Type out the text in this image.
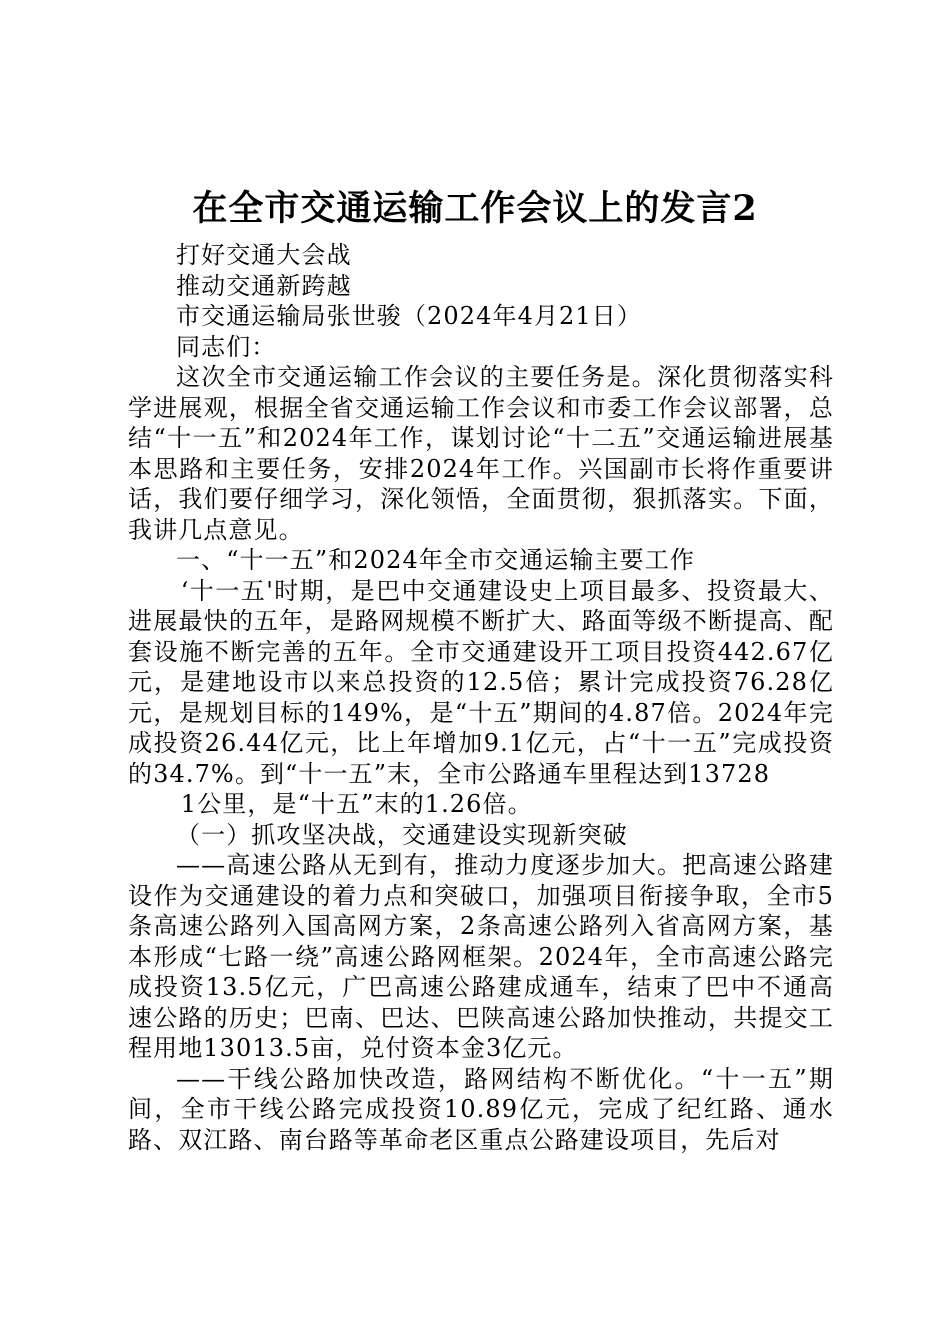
在全市交通运输工作会议上的发言2

打好交通大会战

推动交通新跨越

市交通运输局张世骏（2024年4月21日）

同志们：

这次全市交通运输工作会议的主要任务是。深化贯彻落实科学进展观，根据全省交通运输工作会议和市委工作会议部署，总结“十一五”和2024年工作，谋划讨论“十二五”交通运输进展基本思路和主要任务，安排2024年工作。兴国副市长将作重要讲话，我们要仔细学习，深化领悟，全面贯彻，狠抓落实。下面，我讲几点意见。

一、“十一五”和2024年全市交通运输主要工作

‘十一五'时期，是巴中交通建设史上项目最多、投资最大、进展最快的五年，是路网规模不断扩大、路面等级不断提高、配套设施不断完善的五年。全市交通建设开工项目投资442.67亿元，是建地设市以来总投资的12.5倍；累计完成投资76.28亿元，是规划目标的149%，是“十五”期间的4.87倍。2024年完成投资26.44亿元，比上年增加9.1亿元，占“十一五”完成投资的34.7%。到“十一五”末，全市公路通车里程达到13728

1公里，是“十五”末的1.26倍。

（一）抓攻坚决战，交通建设实现新突破

——高速公路从无到有，推动力度逐步加大。把高速公路建设作为交通建设的着力点和突破口，加强项目衔接争取，全市5条高速公路列入国高网方案，2条高速公路列入省高网方案，基本形成“七路一绕”高速公路网框架。2024年，全市高速公路完成投资13.5亿元，广巴高速公路建成通车，结束了巴中不通高速公路的历史；巴南、巴达、巴陕高速公路加快推动，共提交工程用地13013.5亩，兑付资本金3亿元。

——干线公路加快改造，路网结构不断优化。“十一五”期间，全市干线公路完成投资10.89亿元，完成了纪红路、通水路、双江路、南台路等革命老区重点公路建设项目，先后对
